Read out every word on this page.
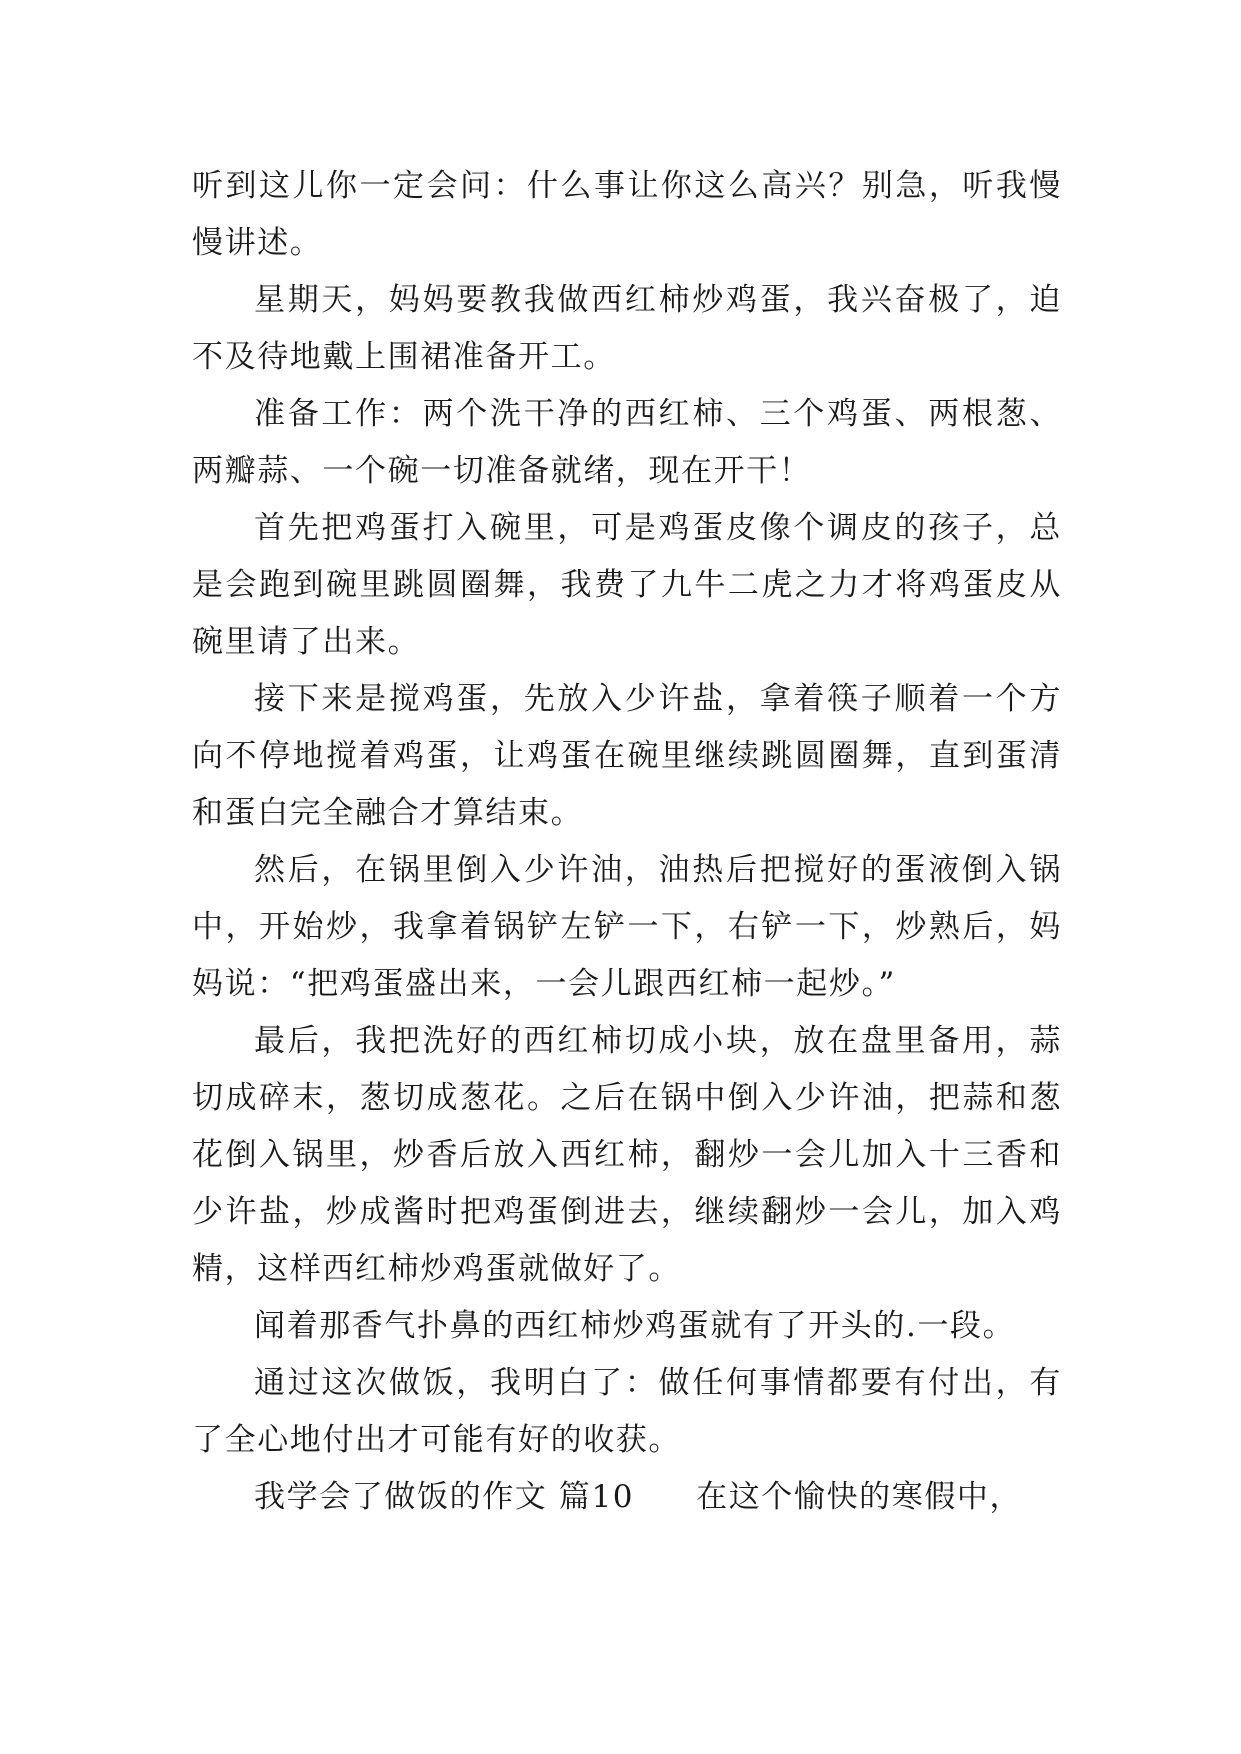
听到这儿你一定会问：什么事让你这么高兴？别急，听我慢慢讲述。

星期天，妈妈要教我做西红柿炒鸡蛋，我兴奋极了，迫不及待地戴上围裙准备开工。

准备工作：两个洗干净的西红柿、三个鸡蛋、两根葱、两瓣蒜、一个碗一切准备就绪，现在开干！

首先把鸡蛋打入碗里，可是鸡蛋皮像个调皮的孩子，总是会跑到碗里跳圆圈舞，我费了九牛二虎之力才将鸡蛋皮从碗里请了出来。

接下来是搅鸡蛋，先放入少许盐，拿着筷子顺着一个方向不停地搅着鸡蛋，让鸡蛋在碗里继续跳圆圈舞，直到蛋清和蛋白完全融合才算结束。

然后，在锅里倒入少许油，油热后把搅好的蛋液倒入锅中，开始炒，我拿着锅铲左铲一下，右铲一下，炒熟后，妈妈说：“把鸡蛋盛出来，一会儿跟西红柿一起炒。”

最后，我把洗好的西红柿切成小块，放在盘里备用，蒜切成碎末，葱切成葱花。之后在锅中倒入少许油，把蒜和葱花倒入锅里，炒香后放入西红柿，翻炒一会儿加入十三香和少许盐，炒成酱时把鸡蛋倒进去，继续翻炒一会儿，加入鸡精，这样西红柿炒鸡蛋就做好了。

闻着那香气扑鼻的西红柿炒鸡蛋就有了开头的.一段。

通过这次做饭，我明白了：做任何事情都要有付出，有了全心地付出才可能有好的收获。

我学会了做饭的作文 篇10 在这个愉快的寒假中，
